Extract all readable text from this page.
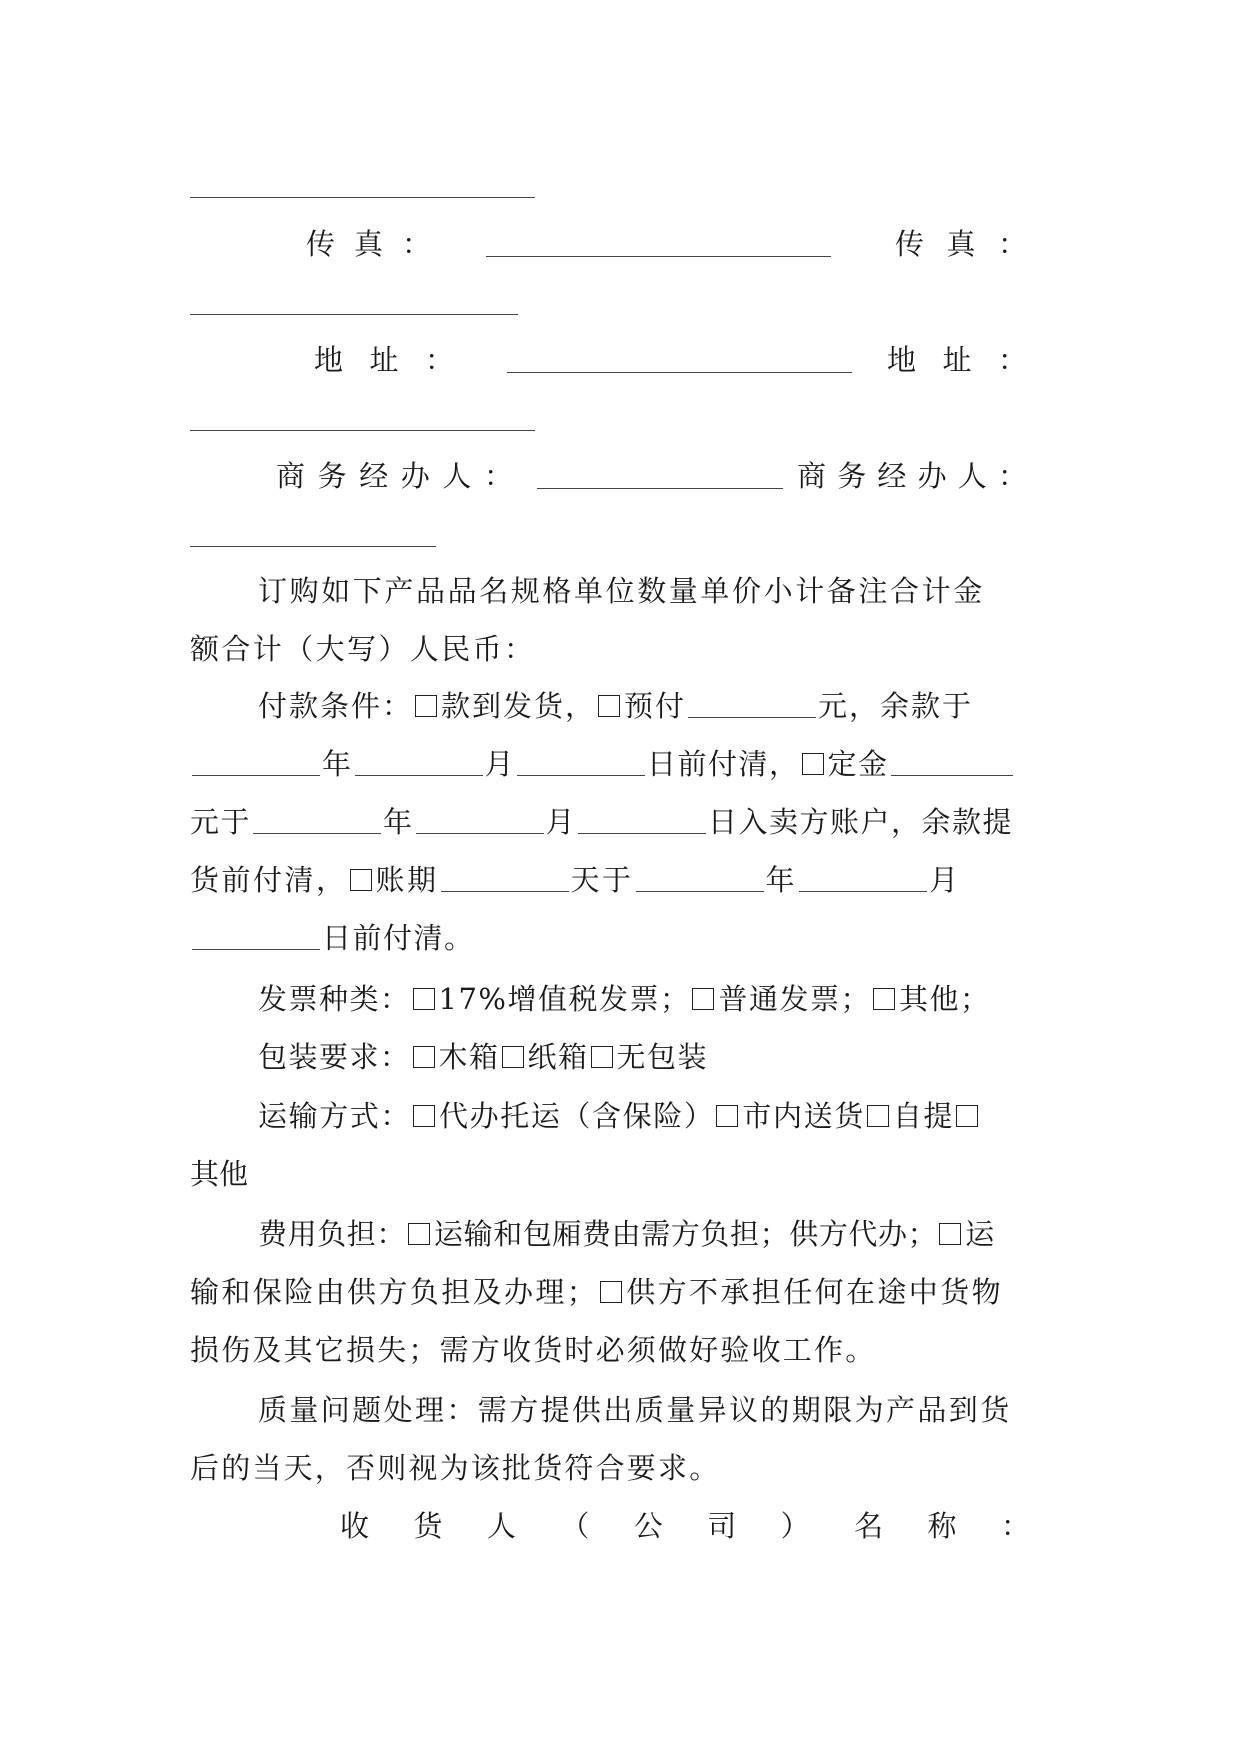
传 真 ：	传 真 ：
地 址 ：	地 址 ：
商 务 经 办 人 ：	商 务 经 办 人 ：
订购如下产品品名规格单位数量单价小计备注合计金
额合计（大写）人民币：
付款条件： 款到发货， 预付	元，余款于
年	月	日前付清， 定金
元于	年	月	日入卖方账户，余款提
货前付清， 账期	天于	年	月
日前付清。
发票种类： 17%增值税发票； 普通发票； 其他；
包装要求： 木箱 纸箱 无包装
运输方式： 代办托运（含保险） 市内送货 自提
其他
费用负担： 运输和包厢费由需方负担；供方代办； 运
输和保险由供方负担及办理； 供方不承担任何在途中货物
损伤及其它损失；需方收货时必须做好验收工作。
质量问题处理：需方提供出质量异议的期限为产品到货
后的当天，否则视为该批货符合要求。
收 货 人 （ 公 司 ） 名 称 ：
